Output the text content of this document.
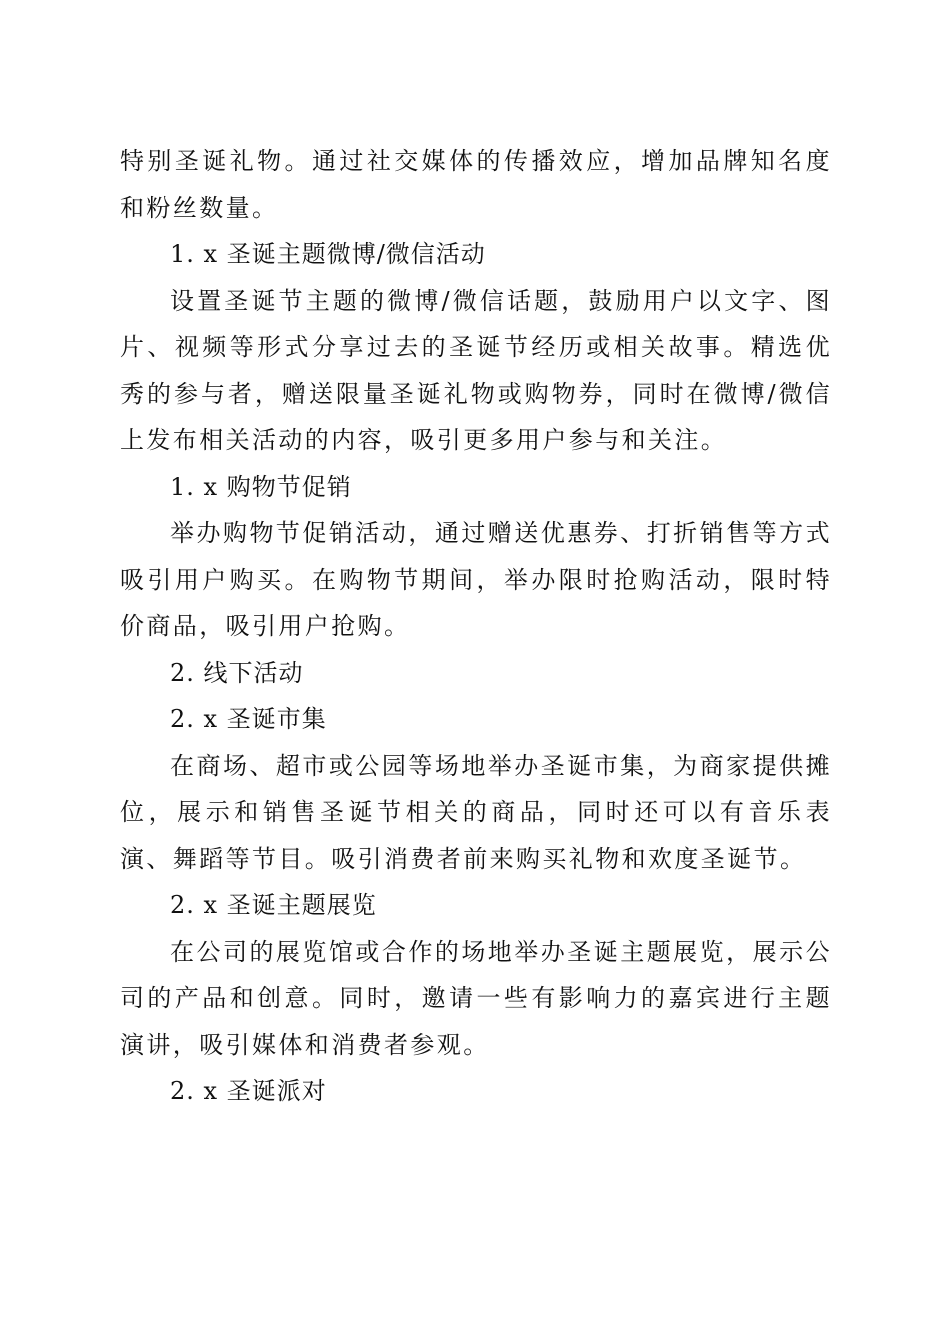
特别圣诞礼物。通过社交媒体的传播效应，增加品牌知名度和粉丝数量。

1. x 圣诞主题微博/微信活动

设置圣诞节主题的微博/微信话题，鼓励用户以文字、图片、视频等形式分享过去的圣诞节经历或相关故事。精选优秀的参与者，赠送限量圣诞礼物或购物券，同时在微博/微信上发布相关活动的内容，吸引更多用户参与和关注。

1. x 购物节促销

举办购物节促销活动，通过赠送优惠券、打折销售等方式吸引用户购买。在购物节期间，举办限时抢购活动，限时特价商品，吸引用户抢购。

2. 线下活动

2. x 圣诞市集

在商场、超市或公园等场地举办圣诞市集，为商家提供摊位，展示和销售圣诞节相关的商品，同时还可以有音乐表演、舞蹈等节目。吸引消费者前来购买礼物和欢度圣诞节。

2. x 圣诞主题展览

在公司的展览馆或合作的场地举办圣诞主题展览，展示公司的产品和创意。同时，邀请一些有影响力的嘉宾进行主题演讲，吸引媒体和消费者参观。

2. x 圣诞派对
